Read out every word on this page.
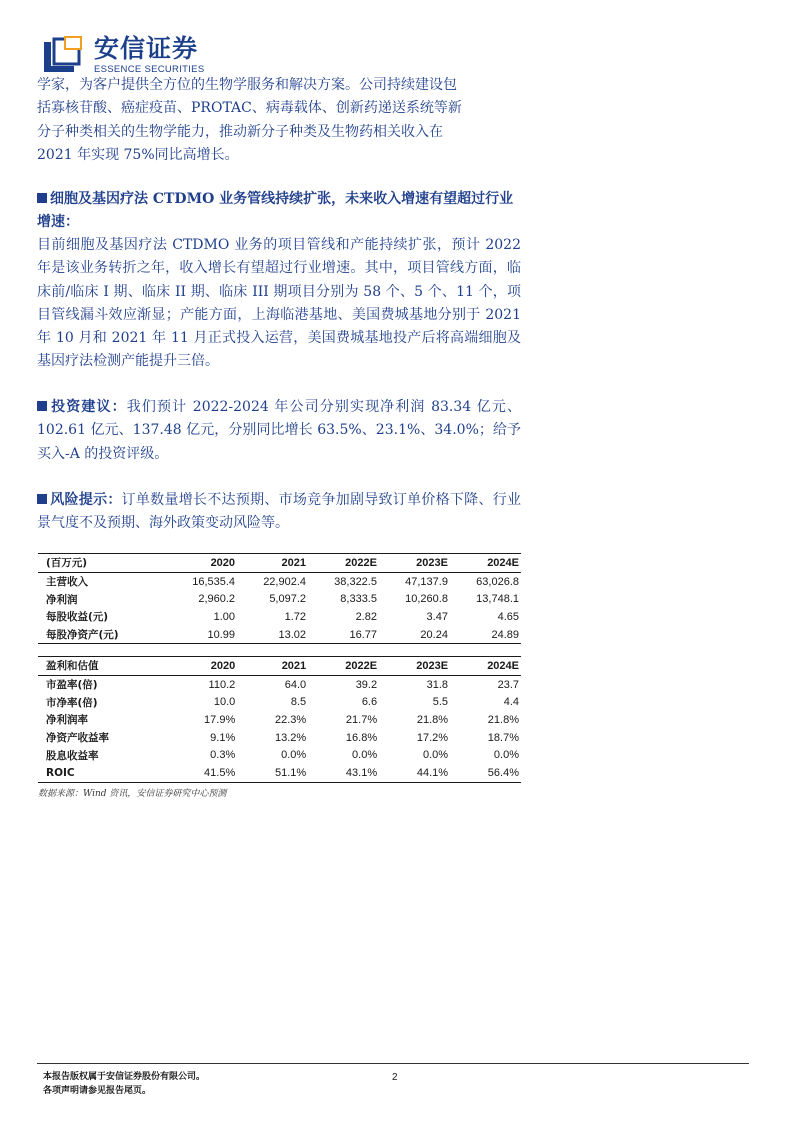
安信证券
ESSENCE SECURITIES

学家，为客户提供全方位的生物学服务和解决方案。公司持续建设包

括寡核苷酸、癌症疫苗、PROTAC、病毒载体、创新药递送系统等新

分子种类相关的生物学能力，推动新分子种类及生物药相关收入在

2021 年实现 75%同比高增长。

细胞及基因疗法 CTDMO 业务管线持续扩张，未来收入增速有望超过行业增速：
目前细胞及基因疗法 CTDMO 业务的项目管线和产能持续扩张，预计 2022 年是该业务转折之年，收入增长有望超过行业增速。其中，项目管线方面，临床前/临床 I 期、临床 II 期、临床 III 期项目分别为 58 个、5 个、11 个，项目管线漏斗效应渐显；产能方面，上海临港基地、美国费城基地分别于 2021 年 10 月和 2021 年 11 月正式投入运营，美国费城基地投产后将高端细胞及基因疗法检测产能提升三倍。
投资建议：我们预计 2022-2024 年公司分别实现净利润 83.34 亿元、102.61 亿元、137.48 亿元，分别同比增长 63.5%、23.1%、34.0%；给予买入-A 的投资评级。
风险提示：订单数量增长不达预期、市场竞争加剧导致订单价格下降、行业景气度不及预期、海外政策变动风险等。
(百万元)	2020	2021	2022E	2023E	2024E
主营收入	16,535.4	22,902.4	38,322.5	47,137.9	63,026.8
净利润	2,960.2	5,097.2	8,333.5	10,260.8	13,748.1
每股收益(元)	1.00	1.72	2.82	3.47	4.65
每股净资产(元)	10.99	13.02	16.77	20.24	24.89
盈利和估值	2020	2021	2022E	2023E	2024E
市盈率(倍)	110.2	64.0	39.2	31.8	23.7
市净率(倍)	10.0	8.5	6.6	5.5	4.4
净利润率	17.9%	22.3%	21.7%	21.8%	21.8%
净资产收益率	9.1%	13.2%	16.8%	17.2%	18.7%
股息收益率	0.3%	0.0%	0.0%	0.0%	0.0%
ROIC	41.5%	51.1%	43.1%	44.1%	56.4%
数据来源：Wind 资讯，安信证券研究中心预测
本报告版权属于安信证券股份有限公司。
各项声明请参见报告尾页。
2
